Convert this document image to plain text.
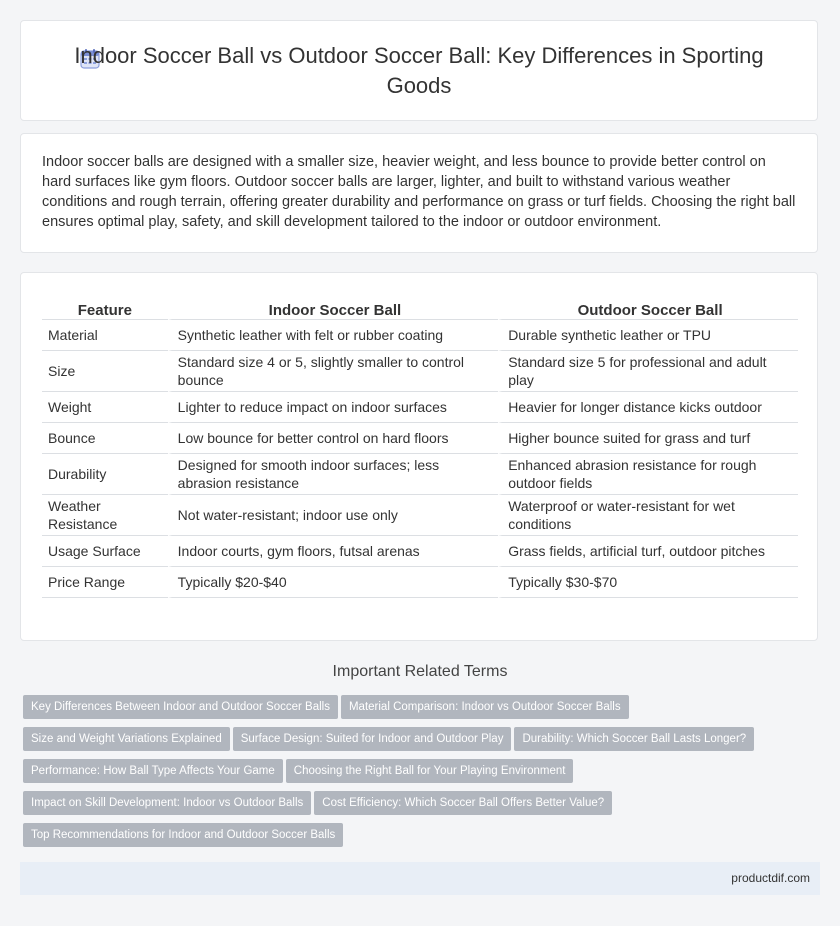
Indoor Soccer Ball vs Outdoor Soccer Ball: Key Differences in Sporting Goods
Indoor soccer balls are designed with a smaller size, heavier weight, and less bounce to provide better control on hard surfaces like gym floors. Outdoor soccer balls are larger, lighter, and built to withstand various weather conditions and rough terrain, offering greater durability and performance on grass or turf fields. Choosing the right ball ensures optimal play, safety, and skill development tailored to the indoor or outdoor environment.
Feature	Indoor Soccer Ball	Outdoor Soccer Ball
Material	Synthetic leather with felt or rubber coating	Durable synthetic leather or TPU
Size	Standard size 4 or 5, slightly smaller to control bounce	Standard size 5 for professional and adult play
Weight	Lighter to reduce impact on indoor surfaces	Heavier for longer distance kicks outdoor
Bounce	Low bounce for better control on hard floors	Higher bounce suited for grass and turf
Durability	Designed for smooth indoor surfaces; less abrasion resistance	Enhanced abrasion resistance for rough outdoor fields
Weather Resistance	Not water-resistant; indoor use only	Waterproof or water-resistant for wet conditions
Usage Surface	Indoor courts, gym floors, futsal arenas	Grass fields, artificial turf, outdoor pitches
Price Range	Typically $20-$40	Typically $30-$70
Important Related Terms
Key Differences Between Indoor and Outdoor Soccer Balls Material Comparison: Indoor vs Outdoor Soccer Balls
Size and Weight Variations Explained Surface Design: Suited for Indoor and Outdoor Play Durability: Which Soccer Ball Lasts Longer?
Performance: How Ball Type Affects Your Game Choosing the Right Ball for Your Playing Environment
Impact on Skill Development: Indoor vs Outdoor Balls Cost Efficiency: Which Soccer Ball Offers Better Value?
Top Recommendations for Indoor and Outdoor Soccer Balls
productdif.com
